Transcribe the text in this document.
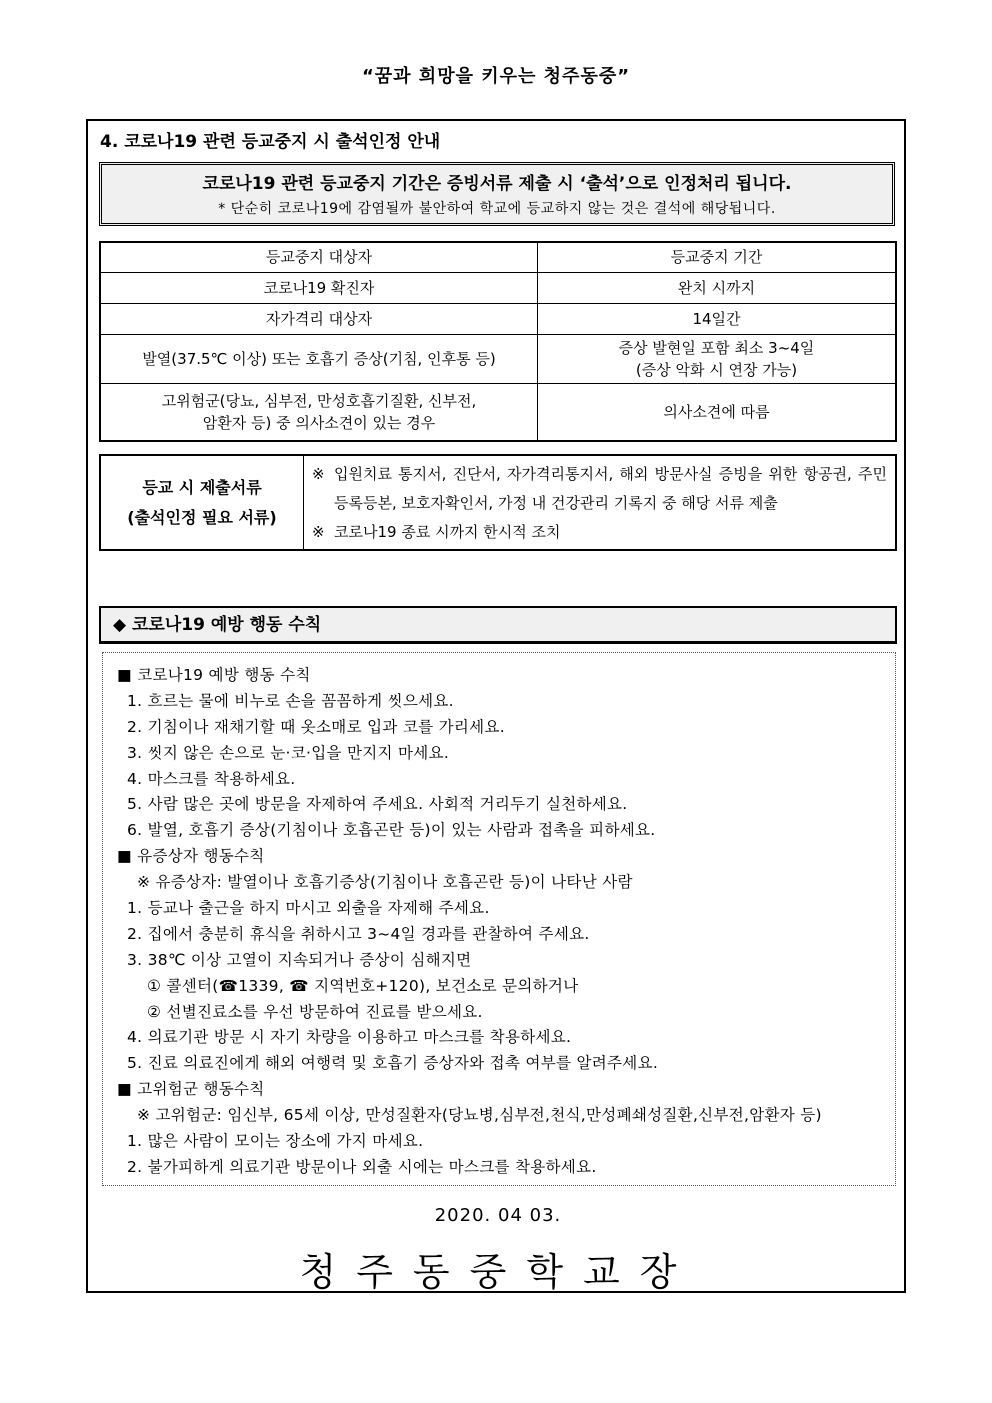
“꿈과 희망을 키우는 청주동중”
4. 코로나19 관련 등교중지 시 출석인정 안내
코로나19 관련 등교중지 기간은 증빙서류 제출 시 ‘출석’으로 인정처리 됩니다.
* 단순히 코로나19에 감염될까 불안하여 학교에 등교하지 않는 것은 결석에 해당됩니다.
등교중지 대상자	등교중지 기간
코로나19 확진자	완치 시까지
자가격리 대상자	14일간
발열(37.5℃ 이상) 또는 호흡기 증상(기침, 인후통 등)	증상 발현일 포함 최소 3~4일
(증상 악화 시 연장 가능)

고위험군(당뇨, 심부전, 만성호흡기질환, 신부전,
암환자 등) 중 의사소견이 있는 경우	의사소견에 따름
등교 시 제출서류
(출석인정 필요 서류)

※ 입원치료 통지서, 진단서, 자가격리통지서, 해외 방문사실 증빙을 위한 항공권, 주민등록등본, 보호자확인서, 가정 내 건강관리 기록지 중 해당 서류 제출
※ 코로나19 종료 시까지 한시적 조치
◆ 코로나19 예방 행동 수칙
■ 코로나19 예방 행동 수칙
1. 흐르는 물에 비누로 손을 꼼꼼하게 씻으세요.
2. 기침이나 재채기할 때 옷소매로 입과 코를 가리세요.
3. 씻지 않은 손으로 눈·코·입을 만지지 마세요.
4. 마스크를 착용하세요.
5. 사람 많은 곳에 방문을 자제하여 주세요. 사회적 거리두기 실천하세요.
6. 발열, 호흡기 증상(기침이나 호흡곤란 등)이 있는 사람과 접촉을 피하세요.
■ 유증상자 행동수칙
※ 유증상자: 발열이나 호흡기증상(기침이나 호흡곤란 등)이 나타난 사람
1. 등교나 출근을 하지 마시고 외출을 자제해 주세요.
2. 집에서 충분히 휴식을 취하시고 3~4일 경과를 관찰하여 주세요.
3. 38℃ 이상 고열이 지속되거나 증상이 심해지면
① 콜센터(☎1339, ☎ 지역번호+120), 보건소로 문의하거나
② 선별진료소를 우선 방문하여 진료를 받으세요.
4. 의료기관 방문 시 자기 차량을 이용하고 마스크를 착용하세요.
5. 진료 의료진에게 해외 여행력 및 호흡기 증상자와 접촉 여부를 알려주세요.
■ 고위험군 행동수칙
※ 고위험군: 임신부, 65세 이상, 만성질환자(당뇨병,심부전,천식,만성폐쇄성질환,신부전,암환자 등)
1. 많은 사람이 모이는 장소에 가지 마세요.
2. 불가피하게 의료기관 방문이나 외출 시에는 마스크를 착용하세요.
2020. 04 03.
청주동중학교장
